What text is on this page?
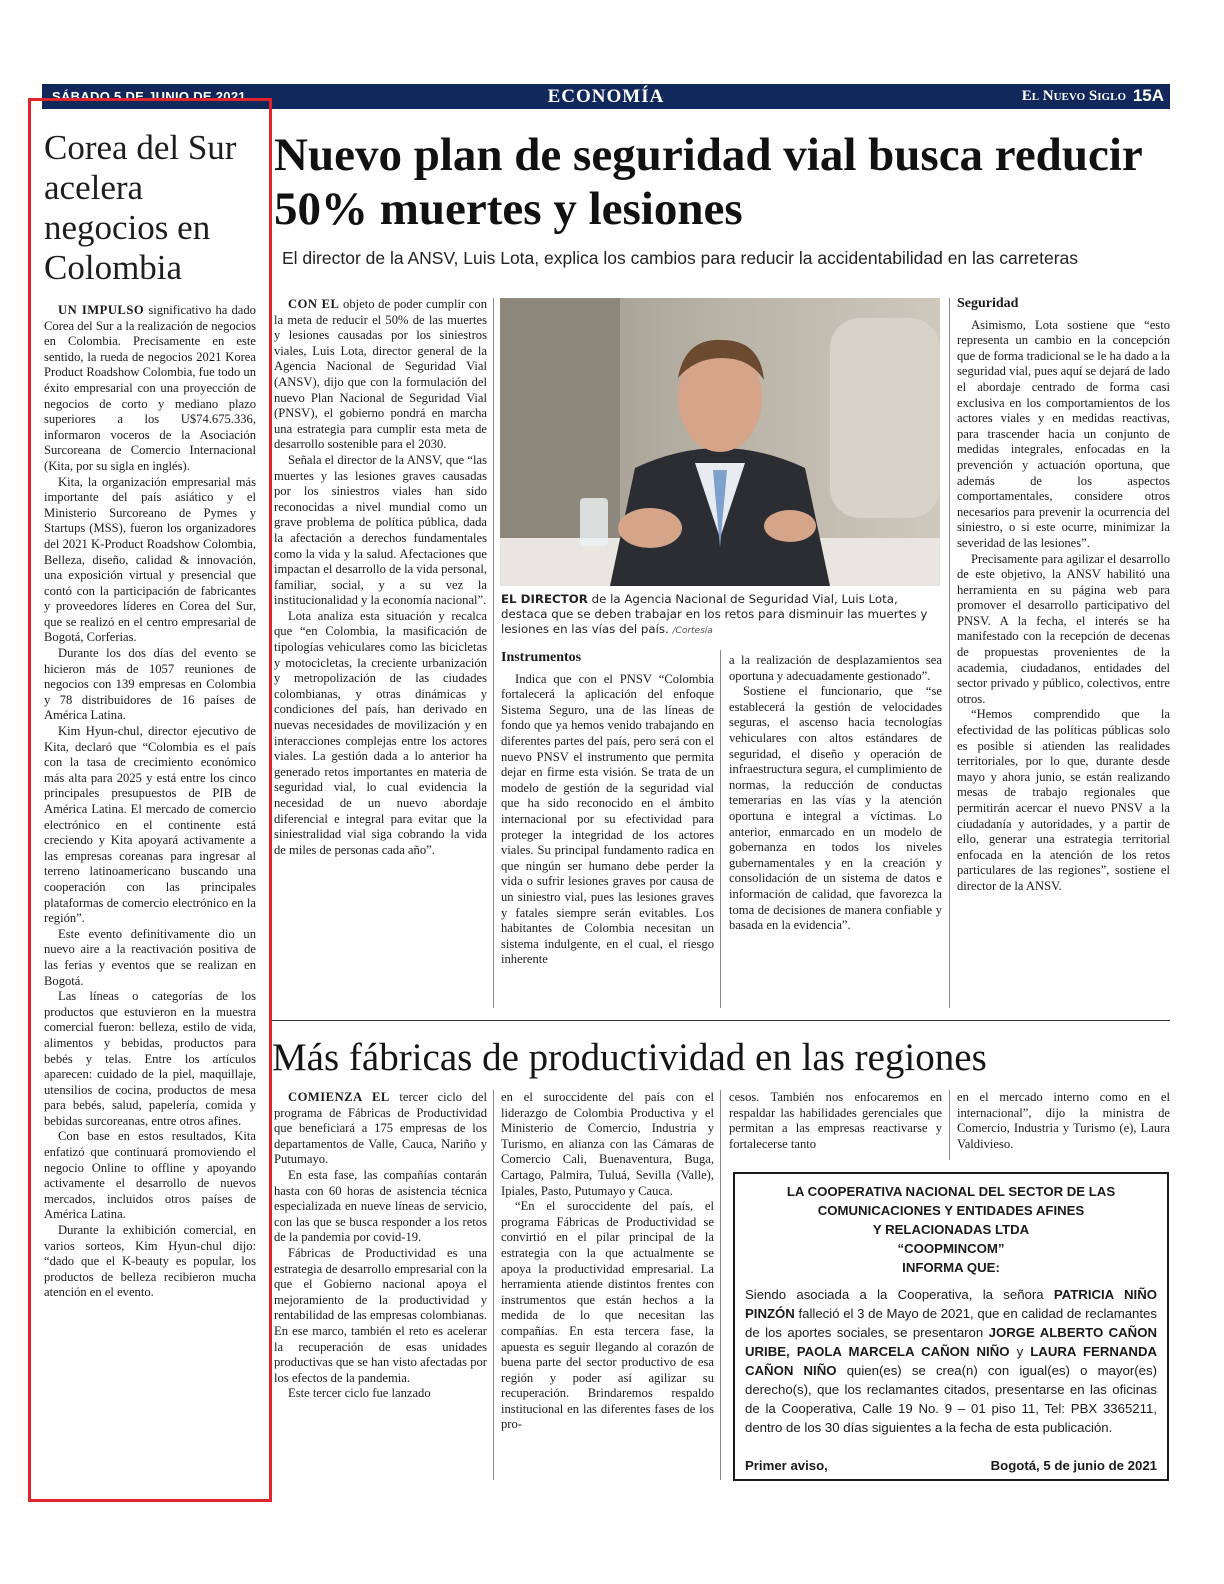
SÁBADO 5 DE JUNIO DE 2021	ECONOMÍA	El Nuevo Siglo 15A
Corea del Sur acelera negocios en Colombia

UN IMPULSO significativo ha dado Corea del Sur a la realización de negocios en Colombia. Precisamente en este sentido, la rueda de negocios 2021 Korea Product Roadshow Colombia, fue todo un éxito empresarial con una proyección de negocios de corto y mediano plazo superiores a los U$74.675.336, informaron voceros de la Asociación Surcoreana de Comercio Internacional (Kita, por su sigla en inglés).

Kita, la organización empresarial más importante del país asiático y el Ministerio Surcoreano de Pymes y Startups (MSS), fueron los organizadores del 2021 K-Product Roadshow Colombia, Belleza, diseño, calidad & innovación, una exposición virtual y presencial que contó con la participación de fabricantes y proveedores líderes en Corea del Sur, que se realizó en el centro empresarial de Bogotá, Corferias.

Durante los dos días del evento se hicieron más de 1057 reuniones de negocios con 139 empresas en Colombia y 78 distribuidores de 16 países de América Latina.

Kim Hyun-chul, director ejecutivo de Kita, declaró que “Colombia es el país con la tasa de crecimiento económico más alta para 2025 y está entre los cinco principales presupuestos de PIB de América Latina. El mercado de comercio electrónico en el continente está creciendo y Kita apoyará activamente a las empresas coreanas para ingresar al terreno latinoamericano buscando una cooperación con las principales plataformas de comercio electrónico en la región”.

Este evento definitivamente dio un nuevo aire a la reactivación positiva de las ferias y eventos que se realizan en Bogotá.

Las líneas o categorías de los productos que estuvieron en la muestra comercial fueron: belleza, estilo de vida, alimentos y bebidas, productos para bebés y telas. Entre los artículos aparecen: cuidado de la piel, maquillaje, utensilios de cocina, productos de mesa para bebés, salud, papelería, comida y bebidas surcoreanas, entre otros afines.

Con base en estos resultados, Kita enfatizó que continuará promoviendo el negocio Online to offline y apoyando activamente el desarrollo de nuevos mercados, incluidos otros países de América Latina.

Durante la exhibición comercial, en varios sorteos, Kim Hyun-chul dijo: “dado que el K-beauty es popular, los productos de belleza recibieron mucha atención en el evento.

Nuevo plan de seguridad vial busca reducir 50% muertes y lesiones
El director de la ANSV, Luis Lota, explica los cambios para reducir la accidentabilidad en las carreteras

CON EL objeto de poder cumplir con la meta de reducir el 50% de las muertes y lesiones causadas por los siniestros viales, Luis Lota, director general de la Agencia Nacional de Seguridad Vial (ANSV), dijo que con la formulación del nuevo Plan Nacional de Seguridad Vial (PNSV), el gobierno pondrá en marcha una estrategia para cumplir esta meta de desarrollo sostenible para el 2030.

Señala el director de la ANSV, que “las muertes y las lesiones graves causadas por los siniestros viales han sido reconocidas a nivel mundial como un grave problema de política pública, dada la afectación a derechos fundamentales como la vida y la salud. Afectaciones que impactan el desarrollo de la vida personal, familiar, social, y a su vez la institucionalidad y la economía nacional”.

Lota analiza esta situación y recalca que “en Colombia, la masificación de tipologías vehiculares como las bicicletas y motocicletas, la creciente urbanización y metropolización de las ciudades colombianas, y otras dinámicas y condiciones del país, han derivado en nuevas necesidades de movilización y en interacciones complejas entre los actores viales. La gestión dada a lo anterior ha generado retos importantes en materia de seguridad vial, lo cual evidencia la necesidad de un nuevo abordaje diferencial e integral para evitar que la siniestralidad vial siga cobrando la vida de miles de personas cada año”.

EL DIRECTOR de la Agencia Nacional de Seguridad Vial, Luis Lota, destaca que se deben trabajar en los retos para disminuir las muertes y lesiones en las vías del país. /Cortesía
Instrumentos

Indica que con el PNSV “Colombia fortalecerá la aplicación del enfoque Sistema Seguro, una de las líneas de fondo que ya hemos venido trabajando en diferentes partes del país, pero será con el nuevo PNSV el instrumento que permita dejar en firme esta visión. Se trata de un modelo de gestión de la seguridad vial que ha sido reconocido en el ámbito internacional por su efectividad para proteger la integridad de los actores viales. Su principal fundamento radica en que ningún ser humano debe perder la vida o sufrir lesiones graves por causa de un siniestro vial, pues las lesiones graves y fatales siempre serán evitables. Los habitantes de Colombia necesitan un sistema indulgente, en el cual, el riesgo inherente

a la realización de desplazamientos sea oportuna y adecuadamente gestionado”.

Sostiene el funcionario, que “se establecerá la gestión de velocidades seguras, el ascenso hacia tecnologías vehiculares con altos estándares de seguridad, el diseño y operación de infraestructura segura, el cumplimiento de normas, la reducción de conductas temerarias en las vías y la atención oportuna e integral a víctimas. Lo anterior, enmarcado en un modelo de gobernanza en todos los niveles gubernamentales y en la creación y consolidación de un sistema de datos e información de calidad, que favorezca la toma de decisiones de manera confiable y basada en la evidencia”.

Seguridad

Asimismo, Lota sostiene que “esto representa un cambio en la concepción que de forma tradicional se le ha dado a la seguridad vial, pues aquí se dejará de lado el abordaje centrado de forma casi exclusiva en los comportamientos de los actores viales y en medidas reactivas, para trascender hacia un conjunto de medidas integrales, enfocadas en la prevención y actuación oportuna, que además de los aspectos comportamentales, considere otros necesarios para prevenir la ocurrencia del siniestro, o si este ocurre, minimizar la severidad de las lesiones”.

Precisamente para agilizar el desarrollo de este objetivo, la ANSV habilitó una herramienta en su página web para promover el desarrollo participativo del PNSV. A la fecha, el interés se ha manifestado con la recepción de decenas de propuestas provenientes de la academia, ciudadanos, entidades del sector privado y público, colectivos, entre otros.

“Hemos comprendido que la efectividad de las políticas públicas solo es posible si atienden las realidades territoriales, por lo que, durante desde mayo y ahora junio, se están realizando mesas de trabajo regionales que permitirán acercar el nuevo PNSV a la ciudadanía y autoridades, y a partir de ello, generar una estrategia territorial enfocada en la atención de los retos particulares de las regiones”, sostiene el director de la ANSV.

Más fábricas de productividad en las regiones

COMIENZA EL tercer ciclo del programa de Fábricas de Productividad que beneficiará a 175 empresas de los departamentos de Valle, Cauca, Nariño y Putumayo.

En esta fase, las compañías contarán hasta con 60 horas de asistencia técnica especializada en nueve líneas de servicio, con las que se busca responder a los retos de la pandemia por covid-19.

Fábricas de Productividad es una estrategia de desarrollo empresarial con la que el Gobierno nacional apoya el mejoramiento de la productividad y rentabilidad de las empresas colombianas. En ese marco, también el reto es acelerar la recuperación de esas unidades productivas que se han visto afectadas por los efectos de la pandemia.

Este tercer ciclo fue lanzado

en el suroccidente del país con el liderazgo de Colombia Productiva y el Ministerio de Comercio, Industria y Turismo, en alianza con las Cámaras de Comercio Cali, Buenaventura, Buga, Cartago, Palmira, Tuluá, Sevilla (Valle), Ipiales, Pasto, Putumayo y Cauca.

“En el suroccidente del país, el programa Fábricas de Productividad se convirtió en el pilar principal de la estrategia con la que actualmente se apoya la productividad empresarial. La herramienta atiende distintos frentes con instrumentos que están hechos a la medida de lo que necesitan las compañías. En esta tercera fase, la apuesta es seguir llegando al corazón de buena parte del sector productivo de esa región y poder así agilizar su recuperación. Brindaremos respaldo institucional en las diferentes fases de los pro-

cesos. También nos enfocaremos en respaldar las habilidades gerenciales que permitan a las empresas reactivarse y fortalecerse tanto

en el mercado interno como en el internacional”, dijo la ministra de Comercio, Industria y Turismo (e), Laura Valdivieso.

LA COOPERATIVA NACIONAL DEL SECTOR DE LAS
COMUNICACIONES Y ENTIDADES AFINES
Y RELACIONADAS LTDA
“COOPMINCOM”
INFORMA QUE:
Siendo asociada a la Cooperativa, la señora PATRICIA NIÑO PINZÓN falleció el 3 de Mayo de 2021, que en calidad de reclamantes de los aportes sociales, se presentaron JORGE ALBERTO CAÑON URIBE, PAOLA MARCELA CAÑON NIÑO y LAURA FERNANDA CAÑON NIÑO quien(es) se crea(n) con igual(es) o mayor(es) derecho(s), que los reclamantes citados, presentarse en las oficinas de la Cooperativa, Calle 19 No. 9 – 01 piso 11, Tel: PBX 3365211, dentro de los 30 días siguientes a la fecha de esta publicación.
Primer aviso,	Bogotá, 5 de junio de 2021
